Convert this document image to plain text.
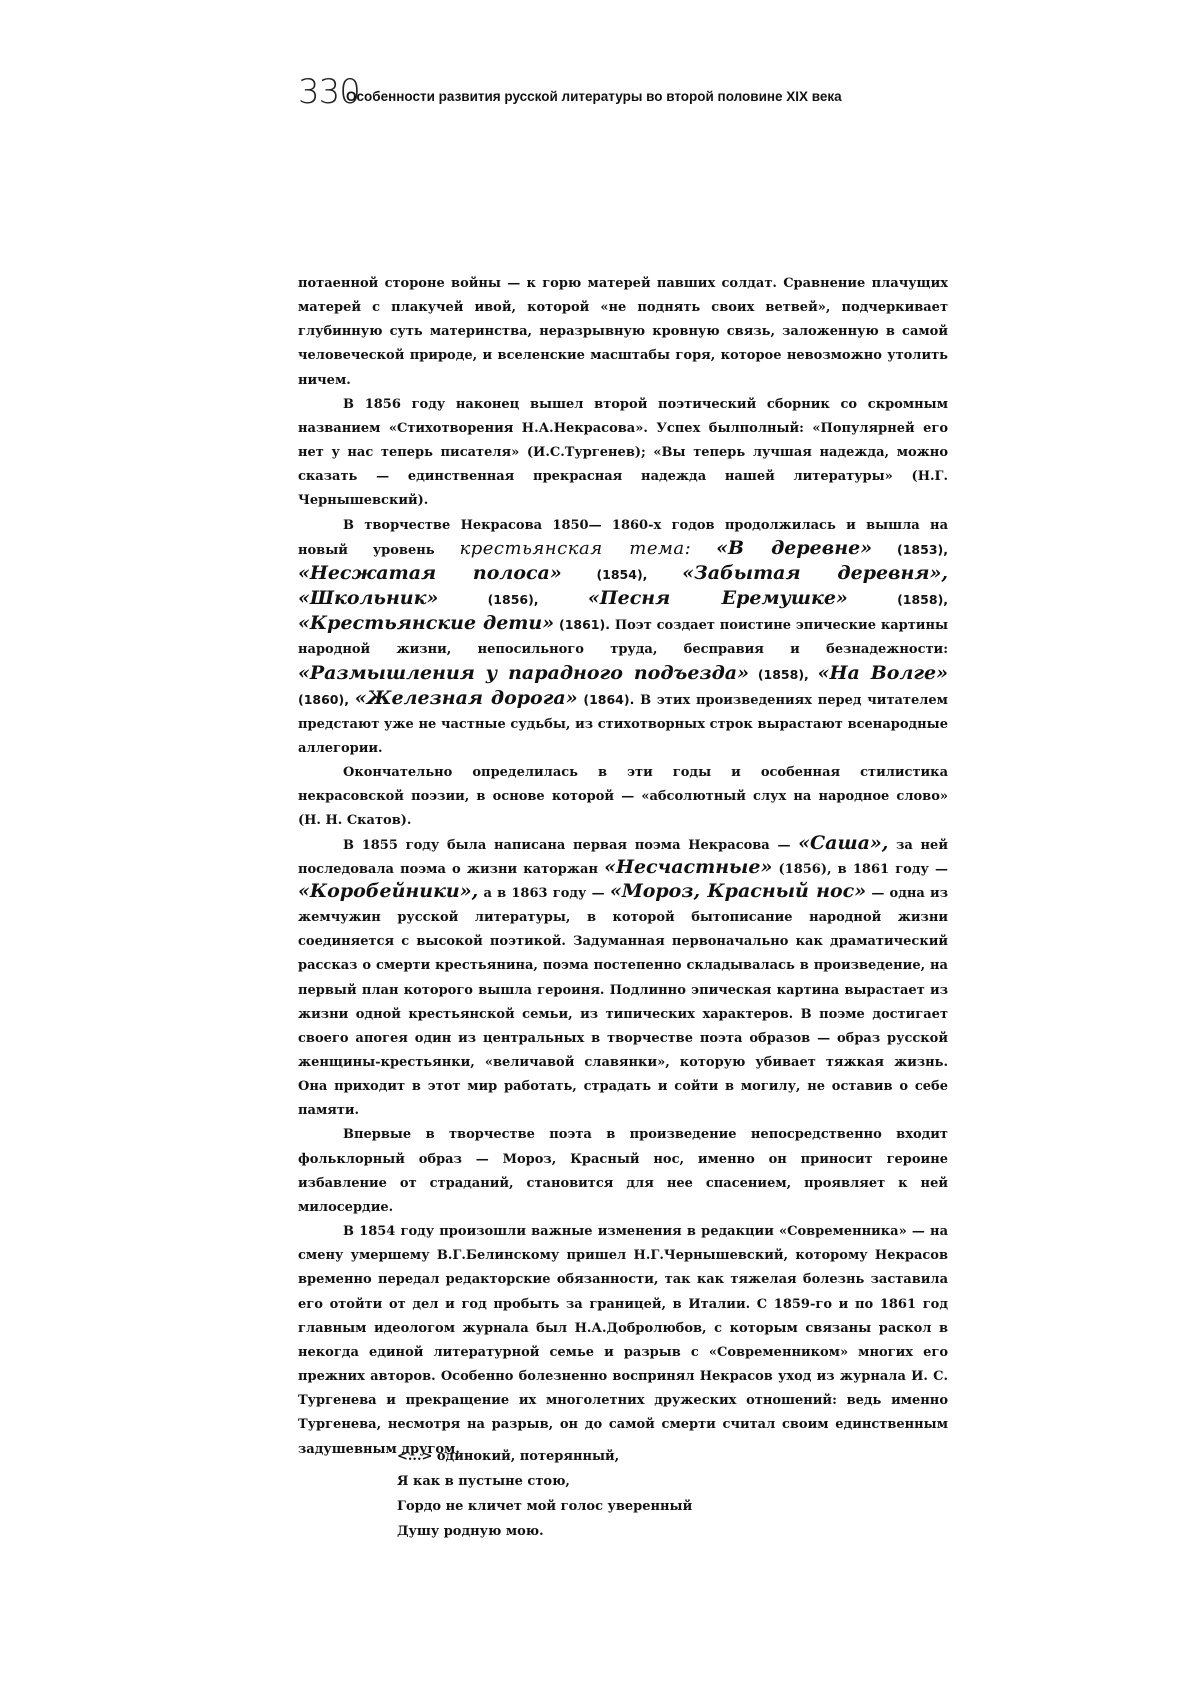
330
Особенности развития русской литературы во второй половине XIX века

потаенной стороне войны — к горю матерей павших солдат. Сравнение плачущих матерей с плакучей ивой, которой «не поднять своих ветвей», подчеркивает глубинную суть материнства, неразрывную кровную связь, заложенную в самой человеческой природе, и вселенские масштабы горя, которое невозможно утолить ничем.

В 1856 году наконец вышел второй поэтический сборник со скромным названием «Стихотворения Н.А.Некрасова». Успех былполный: «Популярней его нет у нас теперь писателя» (И.С.Тургенев); «Вы теперь лучшая надежда, можно сказать — единственная прекрасная надежда нашей литературы» (Н.Г. Чернышевский).

В творчестве Некрасова 1850— 1860-х годов продолжилась и вышла на новый уровень крестьянская тема: «В деревне» (1853), «Несжатая полоса»	(1854), «Забытая деревня», «Школьник»	(1856),	«Песня Еремушке»	(1858), «Крестьянские дети» (1861). Поэт создает поистине эпические картины народной жизни, непосильного труда, бесправия и безнадежности: «Размышления у парадного подъезда» (1858), «На Волге» (1860), «Железная дорога» (1864). В этих произведениях перед читателем предстают уже не частные судьбы, из стихотворных строк вырастают всенародные аллегории.

Окончательно определилась в эти годы и особенная стилистика некрасовской поэзии, в основе которой — «абсолютный слух на народное слово» (Н. Н. Скатов).

В 1855 году была написана первая поэма Некрасова — «Саша», за ней последовала поэма о жизни каторжан «Несчастные» (1856), в 1861 году — «Коробейники», а в 1863 году — «Мороз, Красный нос» — одна из жемчужин русской литературы, в которой бытописание народной жизни соединяется с высокой поэтикой. Задуманная первоначально как драматический рассказ о смерти крестьянина, поэма постепенно складывалась в произведение, на первый план которого вышла героиня. Подлинно эпическая картина вырастает из жизни одной крестьянской семьи, из типических характеров. В поэме достигает своего апогея один из центральных в творчестве поэта образов — образ русской женщины-крестьянки, «величавой славянки», которую убивает тяжкая жизнь. Она приходит в этот мир работать, страдать и сойти в могилу, не оставив о себе памяти.

Впервые в творчестве поэта в произведение непосредственно входит фольклорный образ — Мороз, Красный нос, именно он приносит героине избавление от страданий, становится для нее спасением, проявляет к ней милосердие.

В 1854 году произошли важные изменения в редакции «Современника» — на смену умершему В.Г.Белинскому пришел Н.Г.Чернышевский, которому Некрасов временно передал редакторские обязанности, так как тяжелая болезнь заставила его отойти от дел и год пробыть за границей, в Италии. С 1859-го и по 1861 год главным идеологом журнала был Н.А.Добролюбов, с которым связаны раскол в некогда единой литературной семье и разрыв с «Современником» многих его прежних авторов. Особенно болезненно воспринял Некрасов уход из журнала И. С. Тургенева и прекращение их многолетних дружеских отношений: ведь именно Тургенева, несмотря на разрыв, он до самой смерти считал своим единственным задушевным другом.

<...> одинокий, потерянный,
Я как в пустыне стою,
Гордо не кличет мой голос уверенный
Душу родную мою.
